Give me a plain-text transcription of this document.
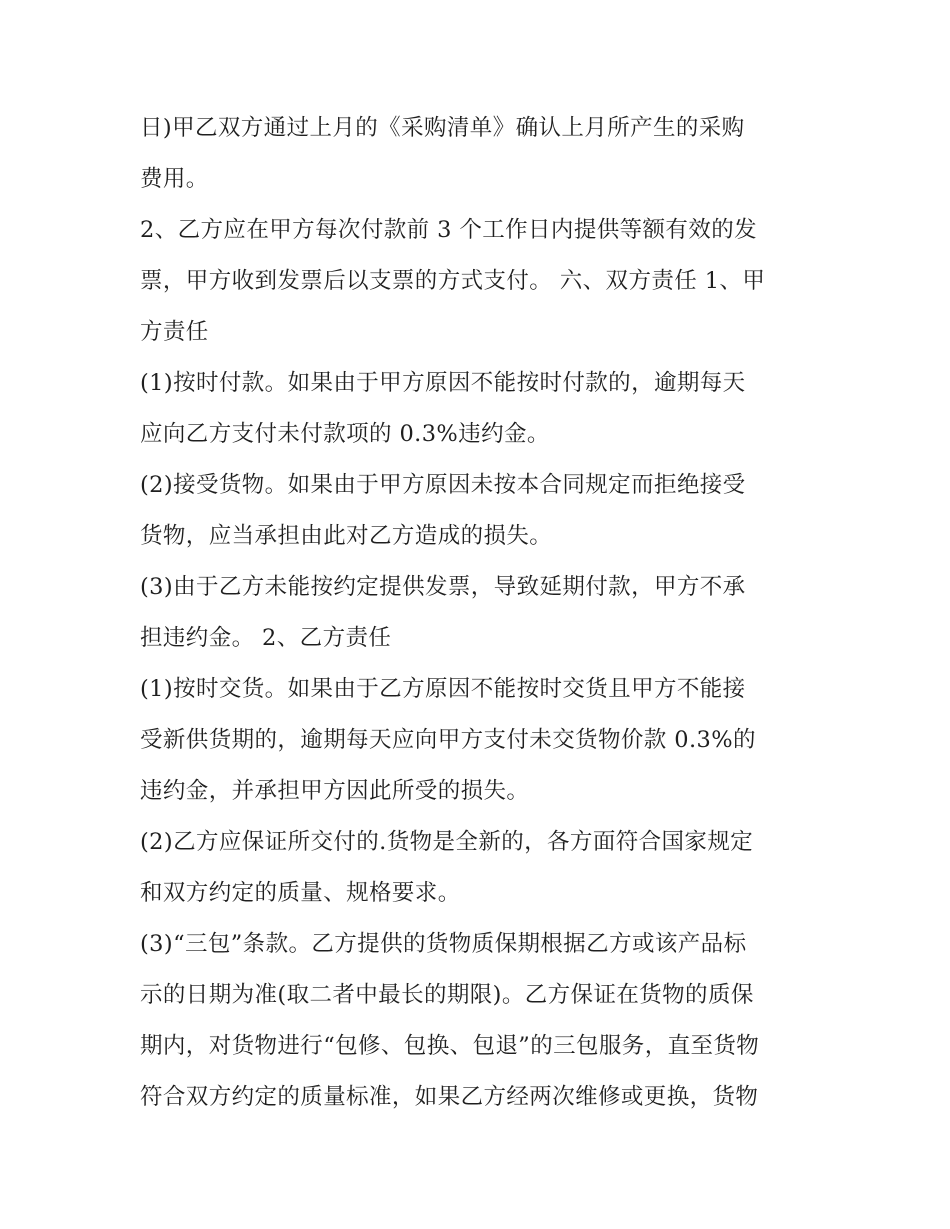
日)甲乙双方通过上月的《采购清单》确认上月所产生的采购
费用。
2、乙方应在甲方每次付款前 3 个工作日内提供等额有效的发
票，甲方收到发票后以支票的方式支付。 六、双方责任 1、甲
方责任
(1)按时付款。如果由于甲方原因不能按时付款的，逾期每天
应向乙方支付未付款项的 0.3%违约金。
(2)接受货物。如果由于甲方原因未按本合同规定而拒绝接受
货物，应当承担由此对乙方造成的损失。
(3)由于乙方未能按约定提供发票，导致延期付款，甲方不承
担违约金。 2、乙方责任
(1)按时交货。如果由于乙方原因不能按时交货且甲方不能接
受新供货期的，逾期每天应向甲方支付未交货物价款 0.3%的
违约金，并承担甲方因此所受的损失。
(2)乙方应保证所交付的.货物是全新的，各方面符合国家规定
和双方约定的质量、规格要求。
(3)“三包”条款。乙方提供的货物质保期根据乙方或该产品标
示的日期为准(取二者中最长的期限)。乙方保证在货物的质保
期内，对货物进行“包修、包换、包退”的三包服务，直至货物
符合双方约定的质量标准，如果乙方经两次维修或更换，货物
